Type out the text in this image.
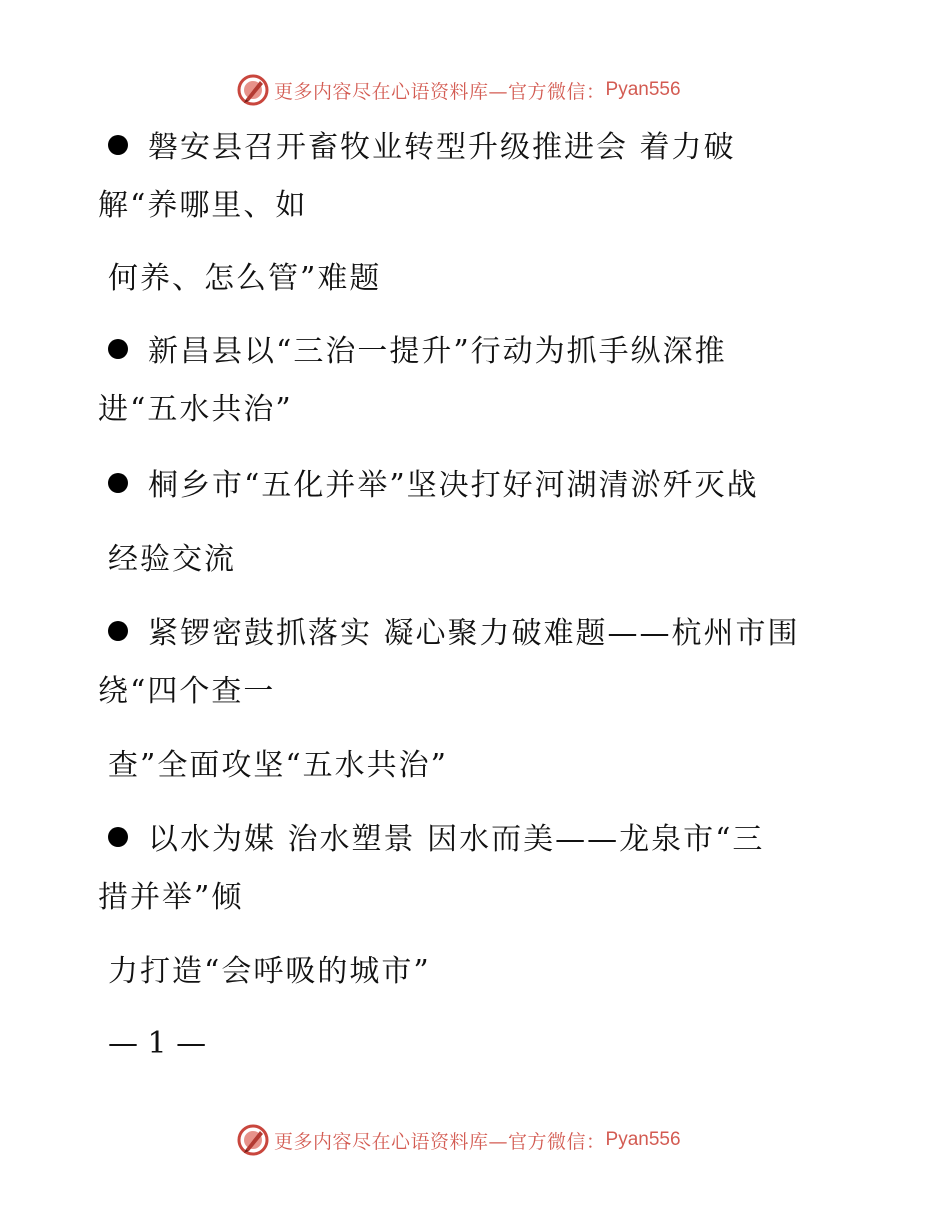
更多内容尽在心语资料库—官方微信： Pyan556
磐安县召开畜牧业转型升级推进会 着力破
解“养哪里、如
何养、怎么管”难题
新昌县以“三治一提升”行动为抓手纵深推
进“五水共治”
桐乡市“五化并举”坚决打好河湖清淤歼灭战
经验交流
紧锣密鼓抓落实 凝心聚力破难题——杭州市围
绕“四个查一
查”全面攻坚“五水共治”
以水为媒 治水塑景 因水而美——龙泉市“三
措并举”倾
力打造“会呼吸的城市”
— 1 —
更多内容尽在心语资料库—官方微信： Pyan556
